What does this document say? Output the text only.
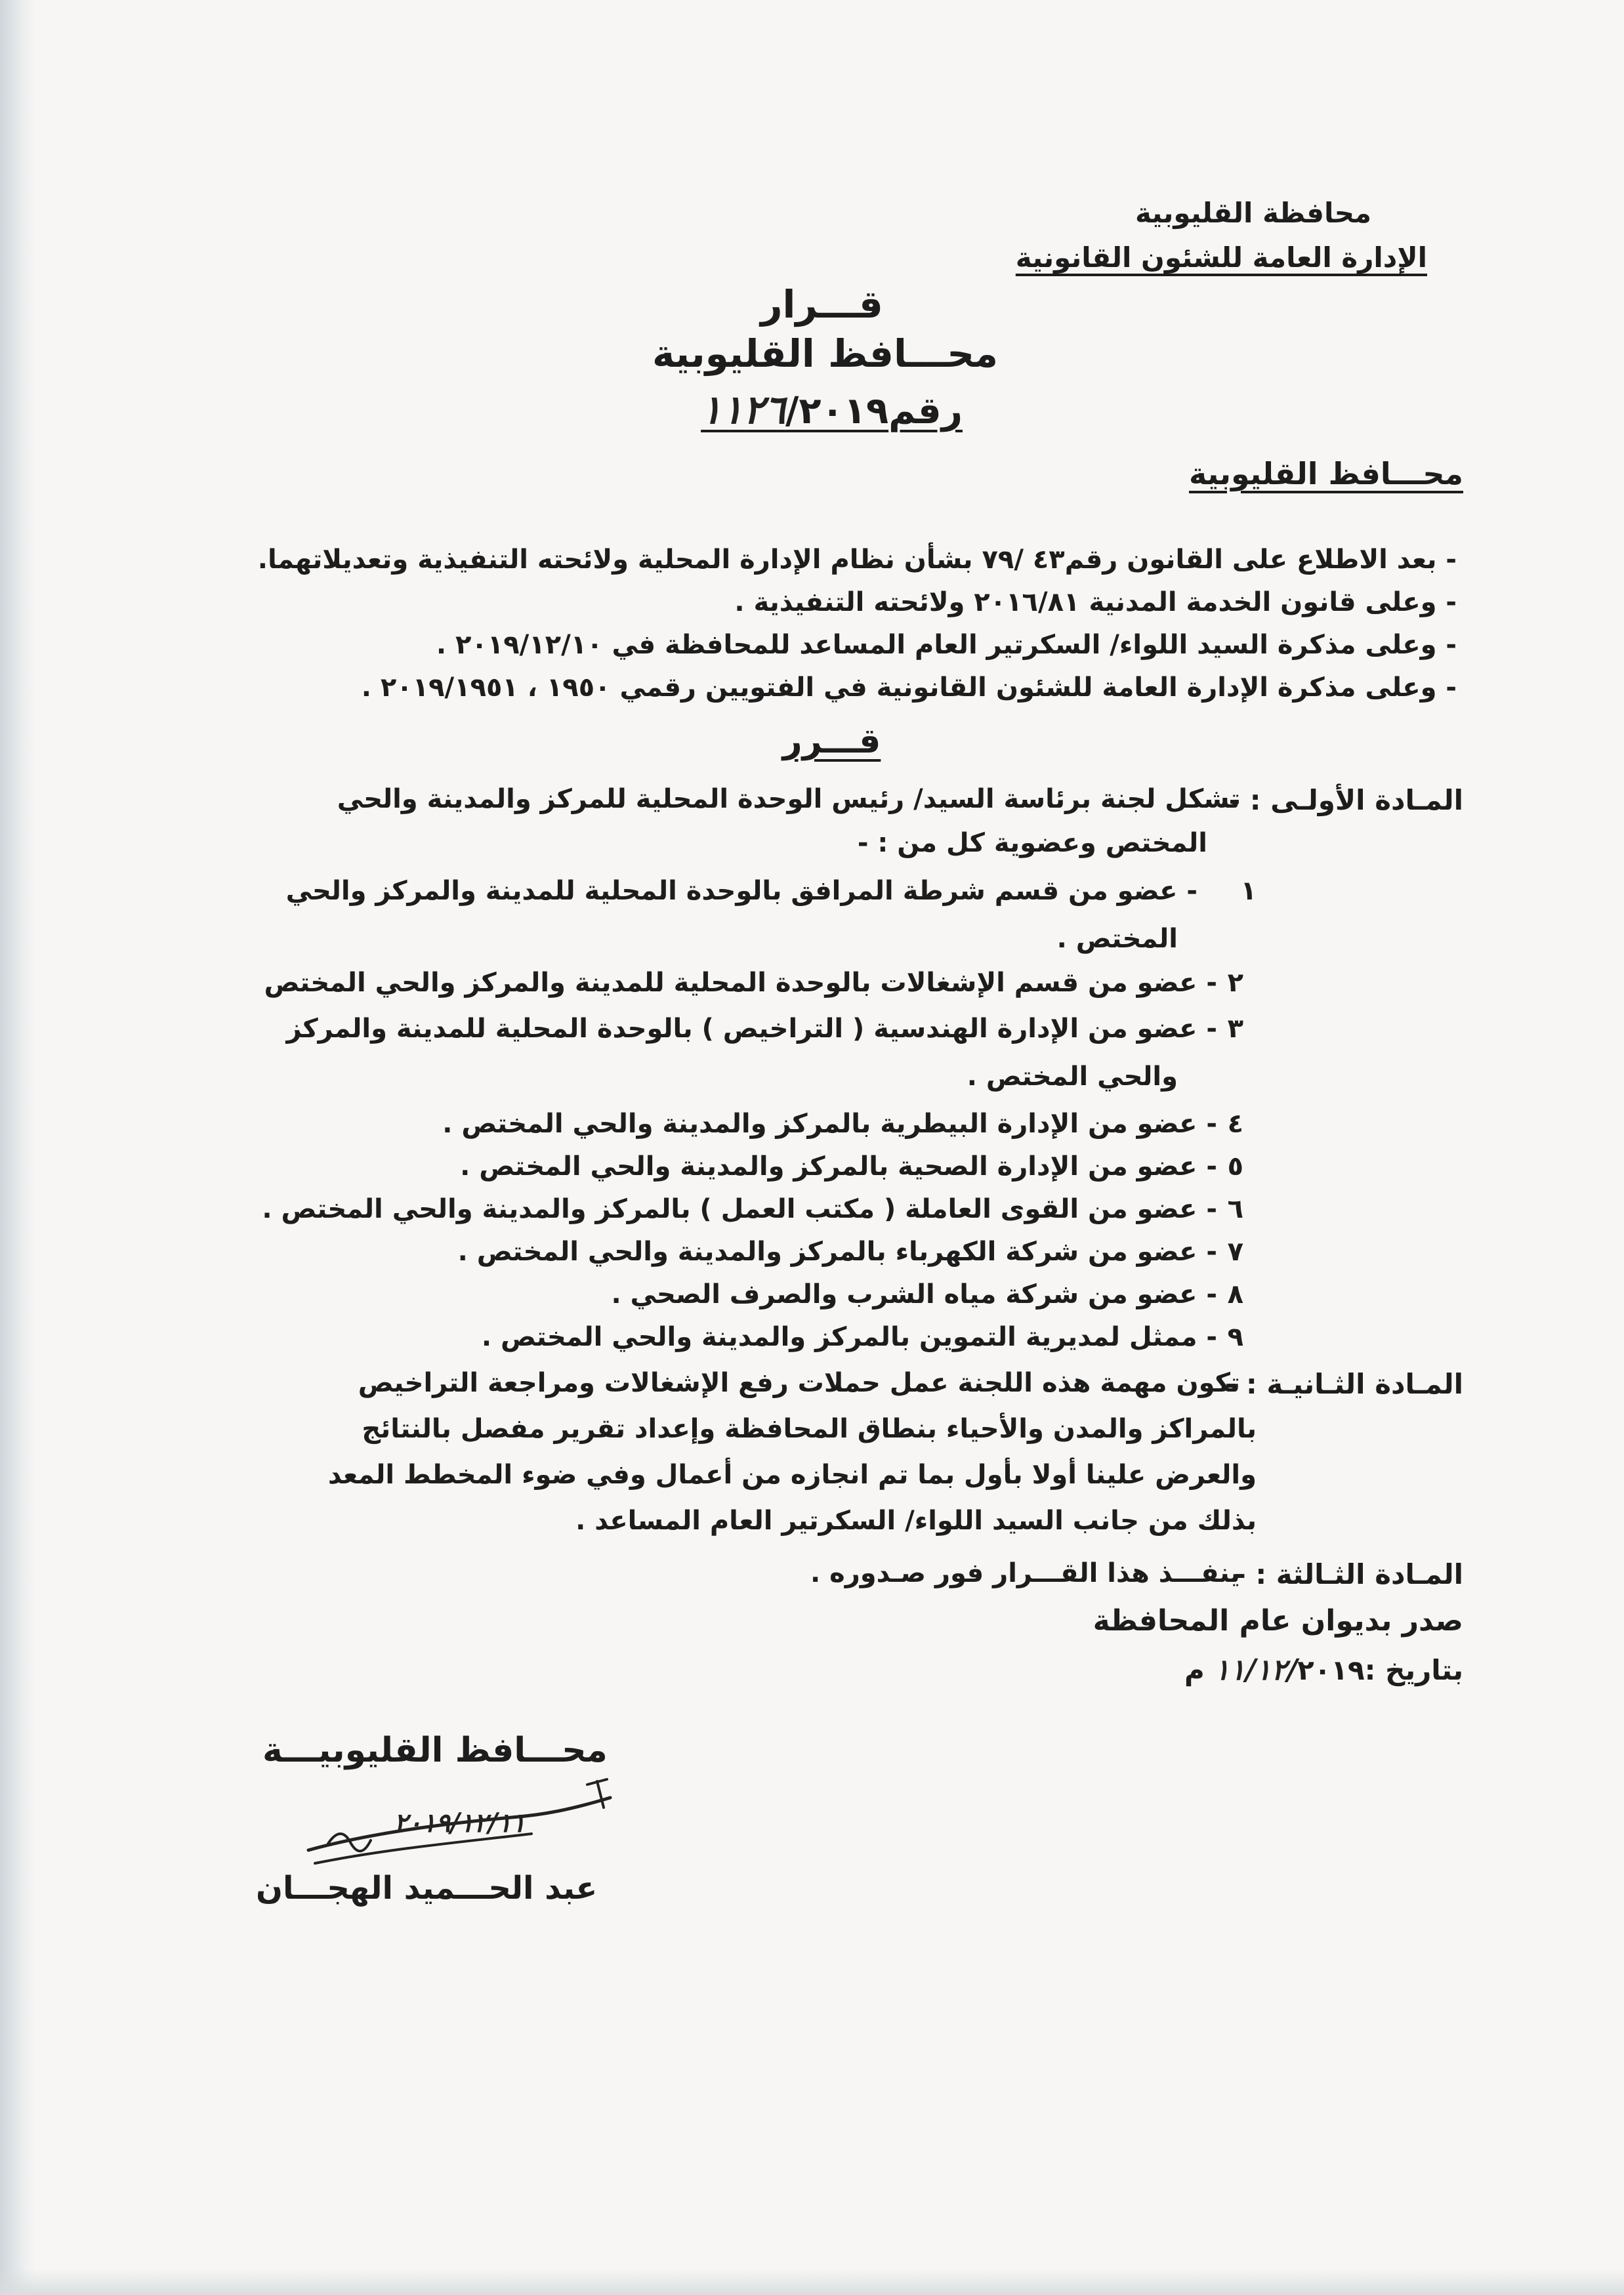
محافظة القليوبية
الإدارة العامة للشئون القانونية
قـــرار
محـــافظ القليوبية
رقم١١٢٦/٢٠١٩
محـــافظ القليوبية
- بعد الاطلاع على القانون رقم٤٣ /٧٩ بشأن نظام الإدارة المحلية ولائحته التنفيذية وتعديلاتهما.
- وعلى قانون الخدمة المدنية ٢٠١٦/٨١ ولائحته التنفيذية .
- وعلى مذكرة السيد اللواء/ السكرتير العام المساعد للمحافظة في ٢٠١٩/١٢/١٠ .
- وعلى مذكرة الإدارة العامة للشئون القانونية في الفتويين رقمي ١٩٥٠ ، ٢٠١٩/١٩٥١ .
قـــرر
المـادة الأولـى : -
تشكل لجنة برئاسة السيد/ رئيس الوحدة المحلية للمركز والمدينة والحي
المختص وعضوية كل من : -
١
- عضو من قسم شرطة المرافق بالوحدة المحلية للمدينة والمركز والحي
المختص .
٢
- عضو من قسم الإشغالات بالوحدة المحلية للمدينة والمركز والحي المختص
٣
- عضو من الإدارة الهندسية ( التراخيص ) بالوحدة المحلية للمدينة والمركز
والحي المختص .
٤
- عضو من الإدارة البيطرية بالمركز والمدينة والحي المختص .
٥
- عضو من الإدارة الصحية بالمركز والمدينة والحي المختص .
٦
- عضو من القوى العاملة ( مكتب العمل ) بالمركز والمدينة والحي المختص .
٧
- عضو من شركة الكهرباء بالمركز والمدينة والحي المختص .
٨
- عضو من شركة مياه الشرب والصرف الصحي .
٩
- ممثل لمديرية التموين بالمركز والمدينة والحي المختص .
المـادة الثـانيـة : -
تكون مهمة هذه اللجنة عمل حملات رفع الإشغالات ومراجعة التراخيص
بالمراكز والمدن والأحياء بنطاق المحافظة وإعداد تقرير مفصل بالنتائج
والعرض علينا أولا بأول بما تم انجازه من أعمال وفي ضوء المخطط المعد
بذلك من جانب السيد اللواء/ السكرتير العام المساعد .
المـادة الثـالثة : -
ينفـــذ هذا القـــرار فور صـدوره .
صدر بديوان عام المحافظة
بتاريخ :١١/١٢/٢٠١٩ م
محـــافظ القليوبيـــة
٢٠١٩/١٢/١١
عبد الحـــميد الهجـــان
